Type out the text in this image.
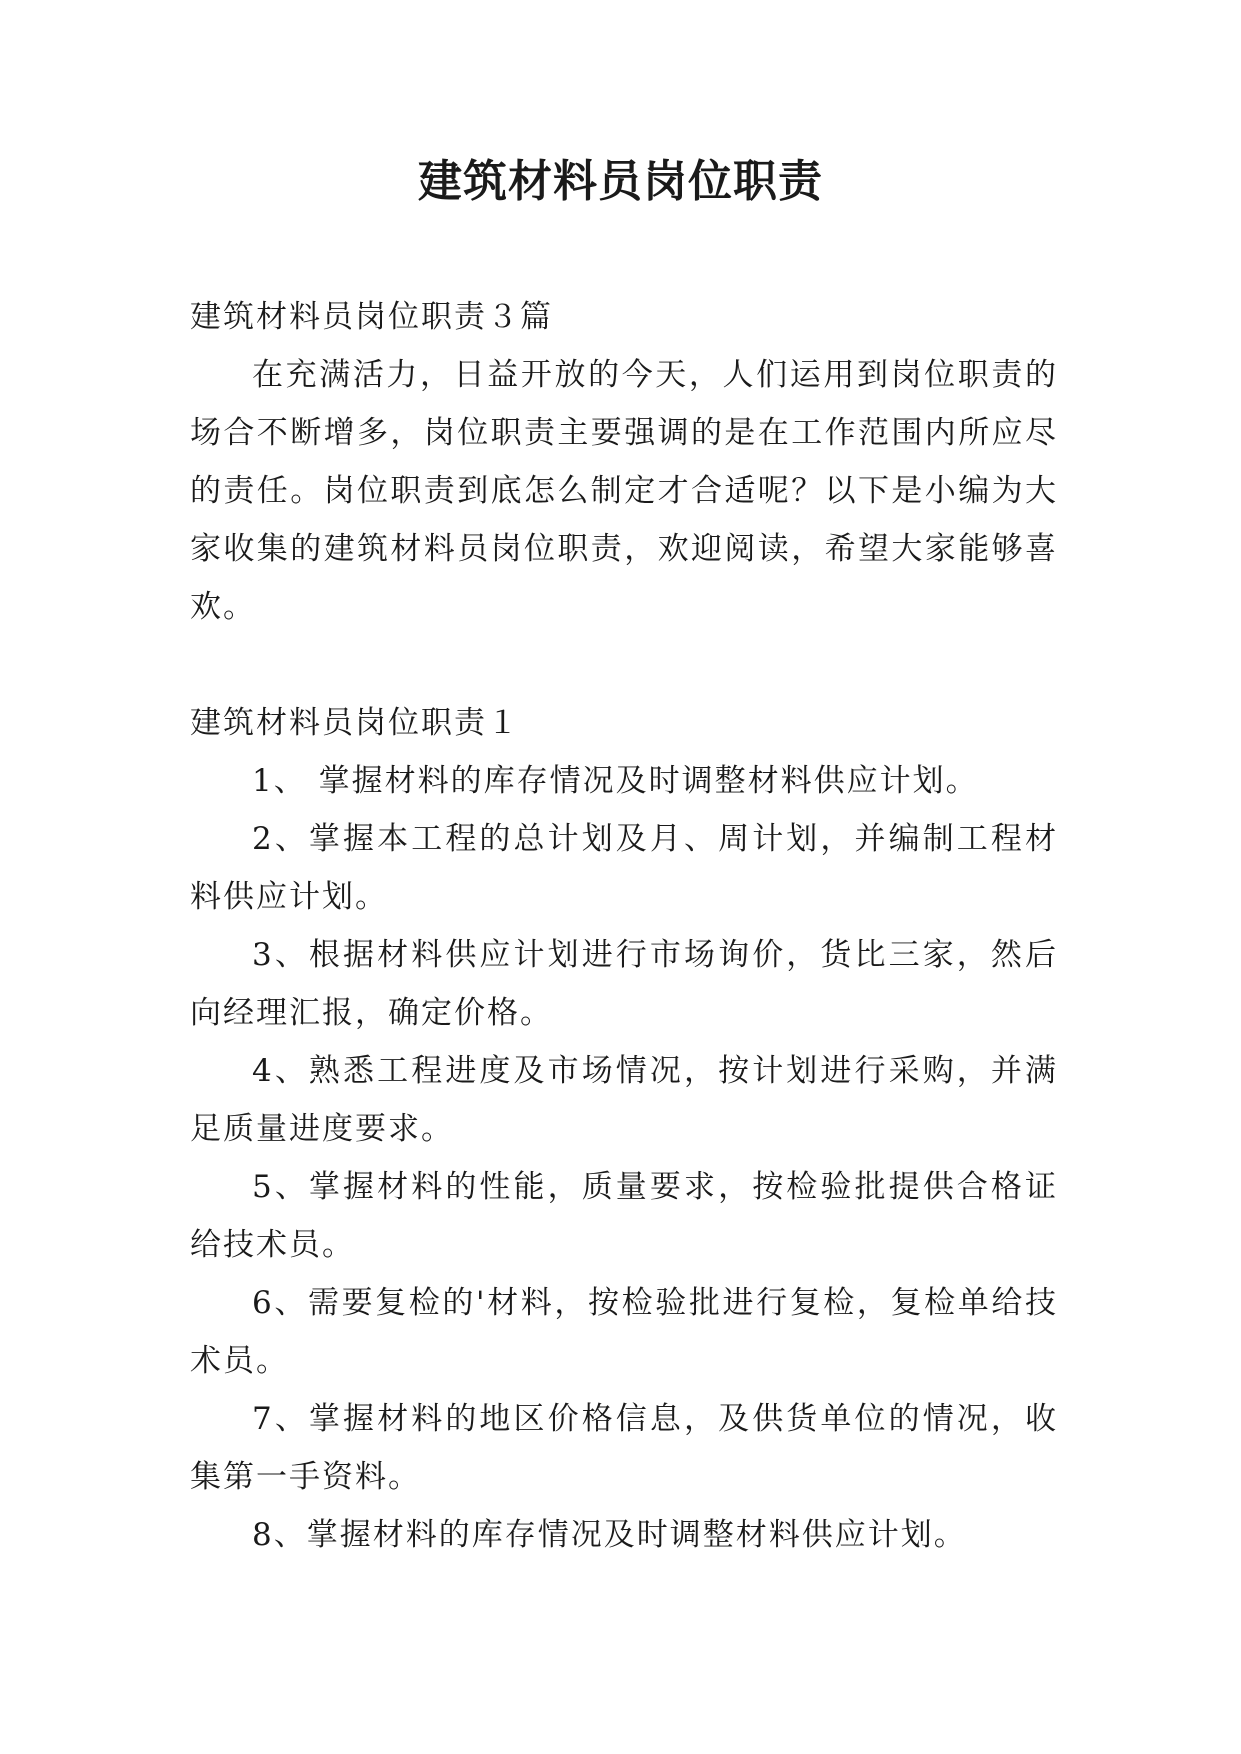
建筑材料员岗位职责

建筑材料员岗位职责３篇

在充满活力，日益开放的今天，人们运用到岗位职责的场合不断增多，岗位职责主要强调的是在工作范围内所应尽的责任。岗位职责到底怎么制定才合适呢？以下是小编为大家收集的建筑材料员岗位职责，欢迎阅读，希望大家能够喜欢。

建筑材料员岗位职责１

1、 掌握材料的库存情况及时调整材料供应计划。

2、掌握本工程的总计划及月、周计划，并编制工程材料供应计划。

3、根据材料供应计划进行市场询价，货比三家，然后向经理汇报，确定价格。

4、熟悉工程进度及市场情况，按计划进行采购，并满足质量进度要求。

5、掌握材料的性能，质量要求，按检验批提供合格证给技术员。

6、需要复检的'材料，按检验批进行复检，复检单给技术员。

7、掌握材料的地区价格信息，及供货单位的情况，收集第一手资料。

8、掌握材料的库存情况及时调整材料供应计划。
